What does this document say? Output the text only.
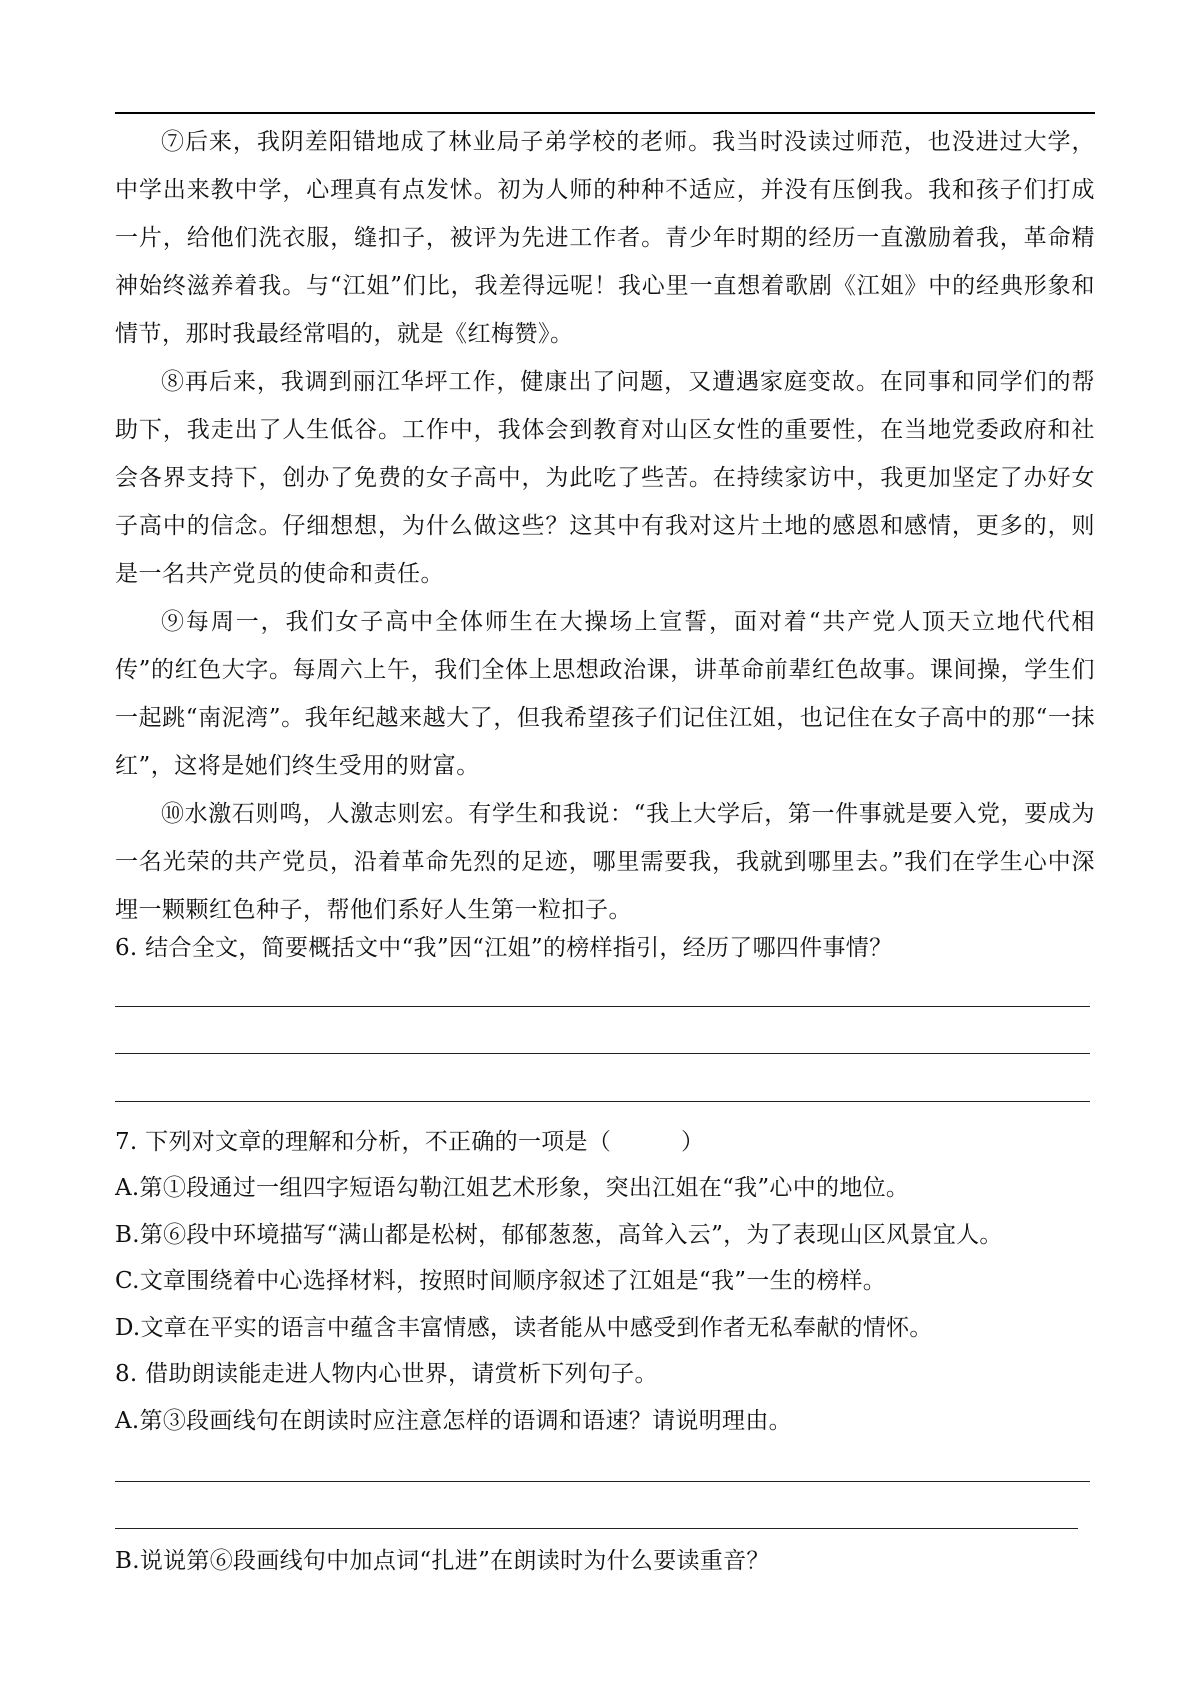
⑦后来，我阴差阳错地成了林业局子弟学校的老师。我当时没读过师范，也没进过大学，中学出来教中学，心理真有点发怵。初为人师的种种不适应，并没有压倒我。我和孩子们打成一片，给他们洗衣服，缝扣子，被评为先进工作者。青少年时期的经历一直激励着我，革命精神始终滋养着我。与“江姐”们比，我差得远呢！我心里一直想着歌剧《江姐》中的经典形象和情节，那时我最经常唱的，就是《红梅赞》。

⑧再后来，我调到丽江华坪工作，健康出了问题，又遭遇家庭变故。在同事和同学们的帮助下，我走出了人生低谷。工作中，我体会到教育对山区女性的重要性，在当地党委政府和社会各界支持下，创办了免费的女子高中，为此吃了些苦。在持续家访中，我更加坚定了办好女子高中的信念。仔细想想，为什么做这些？这其中有我对这片土地的感恩和感情，更多的，则是一名共产党员的使命和责任。

⑨每周一，我们女子高中全体师生在大操场上宣誓，面对着“共产党人顶天立地代代相传”的红色大字。每周六上午，我们全体上思想政治课，讲革命前辈红色故事。课间操，学生们一起跳“南泥湾”。我年纪越来越大了，但我希望孩子们记住江姐，也记住在女子高中的那“一抹红”，这将是她们终生受用的财富。

⑩水激石则鸣，人激志则宏。有学生和我说：“我上大学后，第一件事就是要入党，要成为一名光荣的共产党员，沿着革命先烈的足迹，哪里需要我，我就到哪里去。”我们在学生心中深埋一颗颗红色种子，帮他们系好人生第一粒扣子。

6. 结合全文，简要概括文中“我”因“江姐”的榜样指引，经历了哪四件事情？

7. 下列对文章的理解和分析，不正确的一项是（　　　）

A.第①段通过一组四字短语勾勒江姐艺术形象，突出江姐在“我”心中的地位。

B.第⑥段中环境描写“满山都是松树，郁郁葱葱，高耸入云”，为了表现山区风景宜人。

C.文章围绕着中心选择材料，按照时间顺序叙述了江姐是“我”一生的榜样。

D.文章在平实的语言中蕴含丰富情感，读者能从中感受到作者无私奉献的情怀。

8. 借助朗读能走进人物内心世界，请赏析下列句子。

A.第③段画线句在朗读时应注意怎样的语调和语速？请说明理由。

B.说说第⑥段画线句中加点词“扎进”在朗读时为什么要读重音？
